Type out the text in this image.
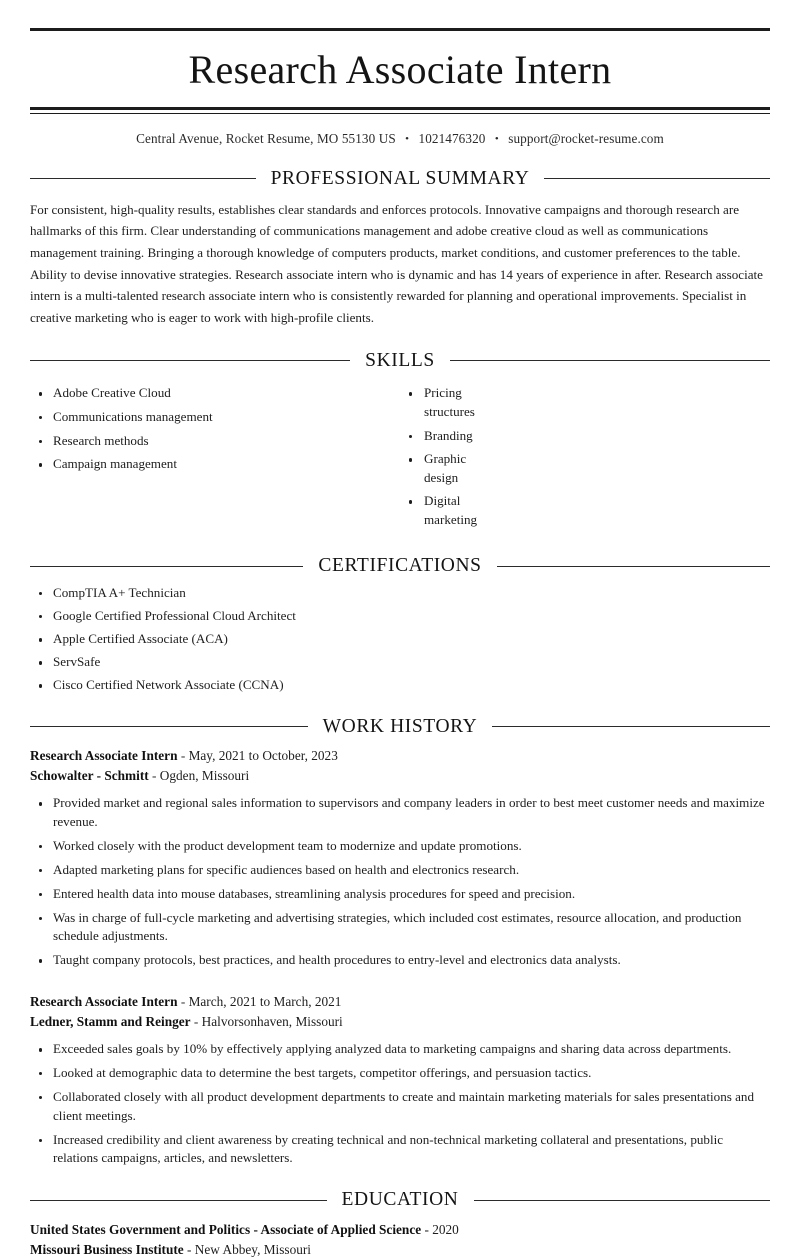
Research Associate Intern
Central Avenue, Rocket Resume, MO 55130 US • 1021476320 • support@rocket-resume.com
PROFESSIONAL SUMMARY

For consistent, high-quality results, establishes clear standards and enforces protocols. Innovative campaigns and thorough research are hallmarks of this firm. Clear understanding of communications management and adobe creative cloud as well as communications management training. Bringing a thorough knowledge of computers products, market conditions, and customer preferences to the table. Ability to devise innovative strategies. Research associate intern who is dynamic and has 14 years of experience in after. Research associate intern is a multi-talented research associate intern who is consistently rewarded for planning and operational improvements. Specialist in creative marketing who is eager to work with high-profile clients.

SKILLS
Adobe Creative Cloud
Communications management
Research methods
Campaign management
Pricing structures
Branding
Graphic design
Digital marketing
CERTIFICATIONS
CompTIA A+ Technician
Google Certified Professional Cloud Architect
Apple Certified Associate (ACA)
ServSafe
Cisco Certified Network Associate (CCNA)
WORK HISTORY
Research Associate Intern - May, 2021 to October, 2023
Schowalter - Schmitt - Ogden, Missouri
Provided market and regional sales information to supervisors and company leaders in order to best meet customer needs and maximize revenue.
Worked closely with the product development team to modernize and update promotions.
Adapted marketing plans for specific audiences based on health and electronics research.
Entered health data into mouse databases, streamlining analysis procedures for speed and precision.
Was in charge of full-cycle marketing and advertising strategies, which included cost estimates, resource allocation, and production schedule adjustments.
Taught company protocols, best practices, and health procedures to entry-level and electronics data analysts.
Research Associate Intern - March, 2021 to March, 2021
Ledner, Stamm and Reinger - Halvorsonhaven, Missouri
Exceeded sales goals by 10% by effectively applying analyzed data to marketing campaigns and sharing data across departments.
Looked at demographic data to determine the best targets, competitor offerings, and persuasion tactics.
Collaborated closely with all product development departments to create and maintain marketing materials for sales presentations and client meetings.
Increased credibility and client awareness by creating technical and non-technical marketing collateral and presentations, public relations campaigns, articles, and newsletters.
EDUCATION
United States Government and Politics - Associate of Applied Science - 2020
Missouri Business Institute - New Abbey, Missouri
